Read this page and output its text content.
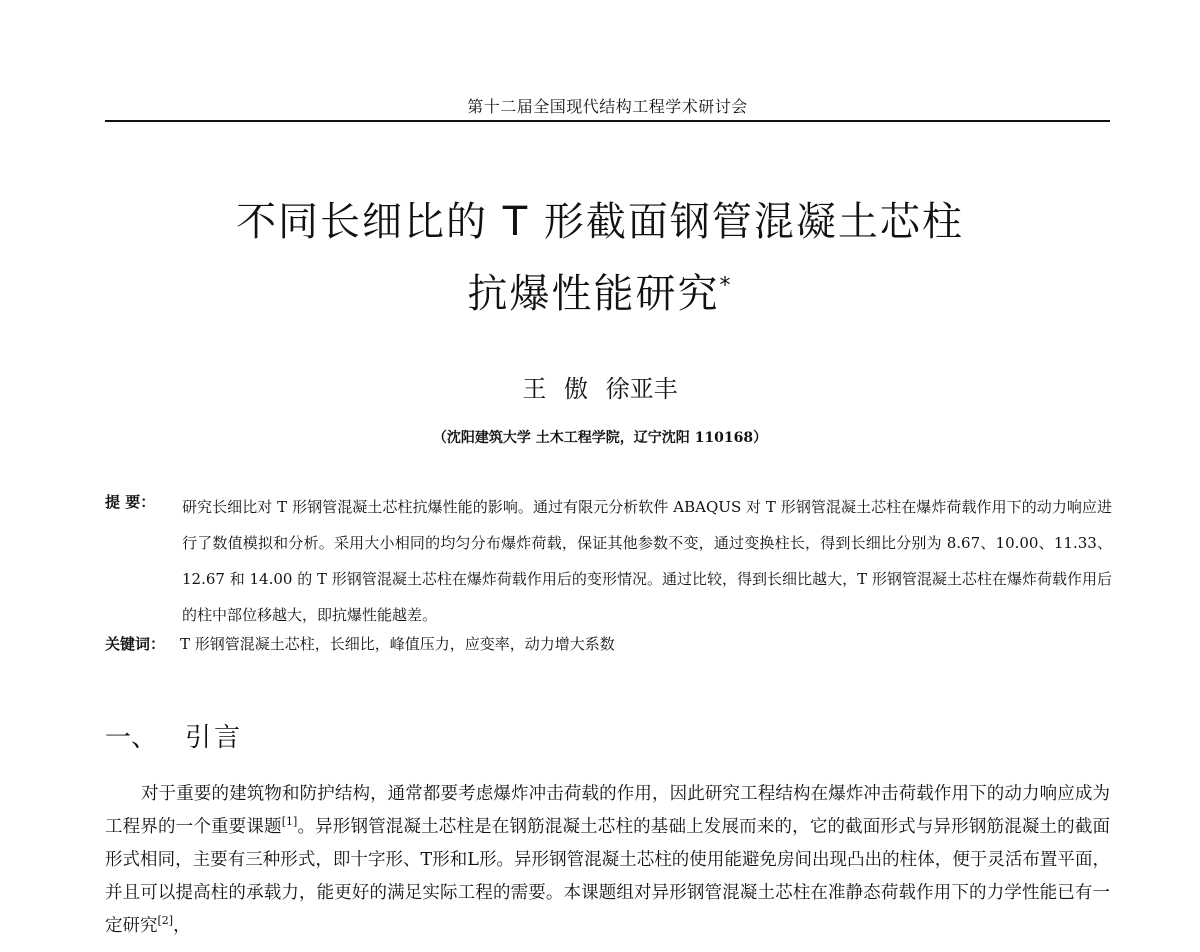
第十二届全国现代结构工程学术研讨会
不同长细比的 T 形截面钢管混凝土芯柱
抗爆性能研究*
王 傲 徐亚丰
（沈阳建筑大学 土木工程学院，辽宁沈阳 110168）
提 要： 研究长细比对 T 形钢管混凝土芯柱抗爆性能的影响。通过有限元分析软件 ABAQUS 对 T 形钢管混凝土芯柱在爆炸荷载作用下的动力响应进行了数值模拟和分析。采用大小相同的均匀分布爆炸荷载，保证其他参数不变，通过变换柱长，得到长细比分别为 8.67、10.00、11.33、12.67 和 14.00 的 T 形钢管混凝土芯柱在爆炸荷载作用后的变形情况。通过比较，得到长细比越大，T 形钢管混凝土芯柱在爆炸荷载作用后的柱中部位移越大，即抗爆性能越差。
关键词： T 形钢管混凝土芯柱，长细比，峰值压力，应变率，动力增大系数
一、 引言
对于重要的建筑物和防护结构，通常都要考虑爆炸冲击荷载的作用，因此研究工程结构在爆炸冲击荷载作用下的动力响应成为工程界的一个重要课题[1]。异形钢管混凝土芯柱是在钢筋混凝土芯柱的基础上发展而来的，它的截面形式与异形钢筋混凝土的截面形式相同，主要有三种形式，即十字形、T形和L形。异形钢管混凝土芯柱的使用能避免房间出现凸出的柱体，便于灵活布置平面，并且可以提高柱的承载力，能更好的满足实际工程的需要。本课题组对异形钢管混凝土芯柱在准静态荷载作用下的力学性能已有一定研究[2]，
